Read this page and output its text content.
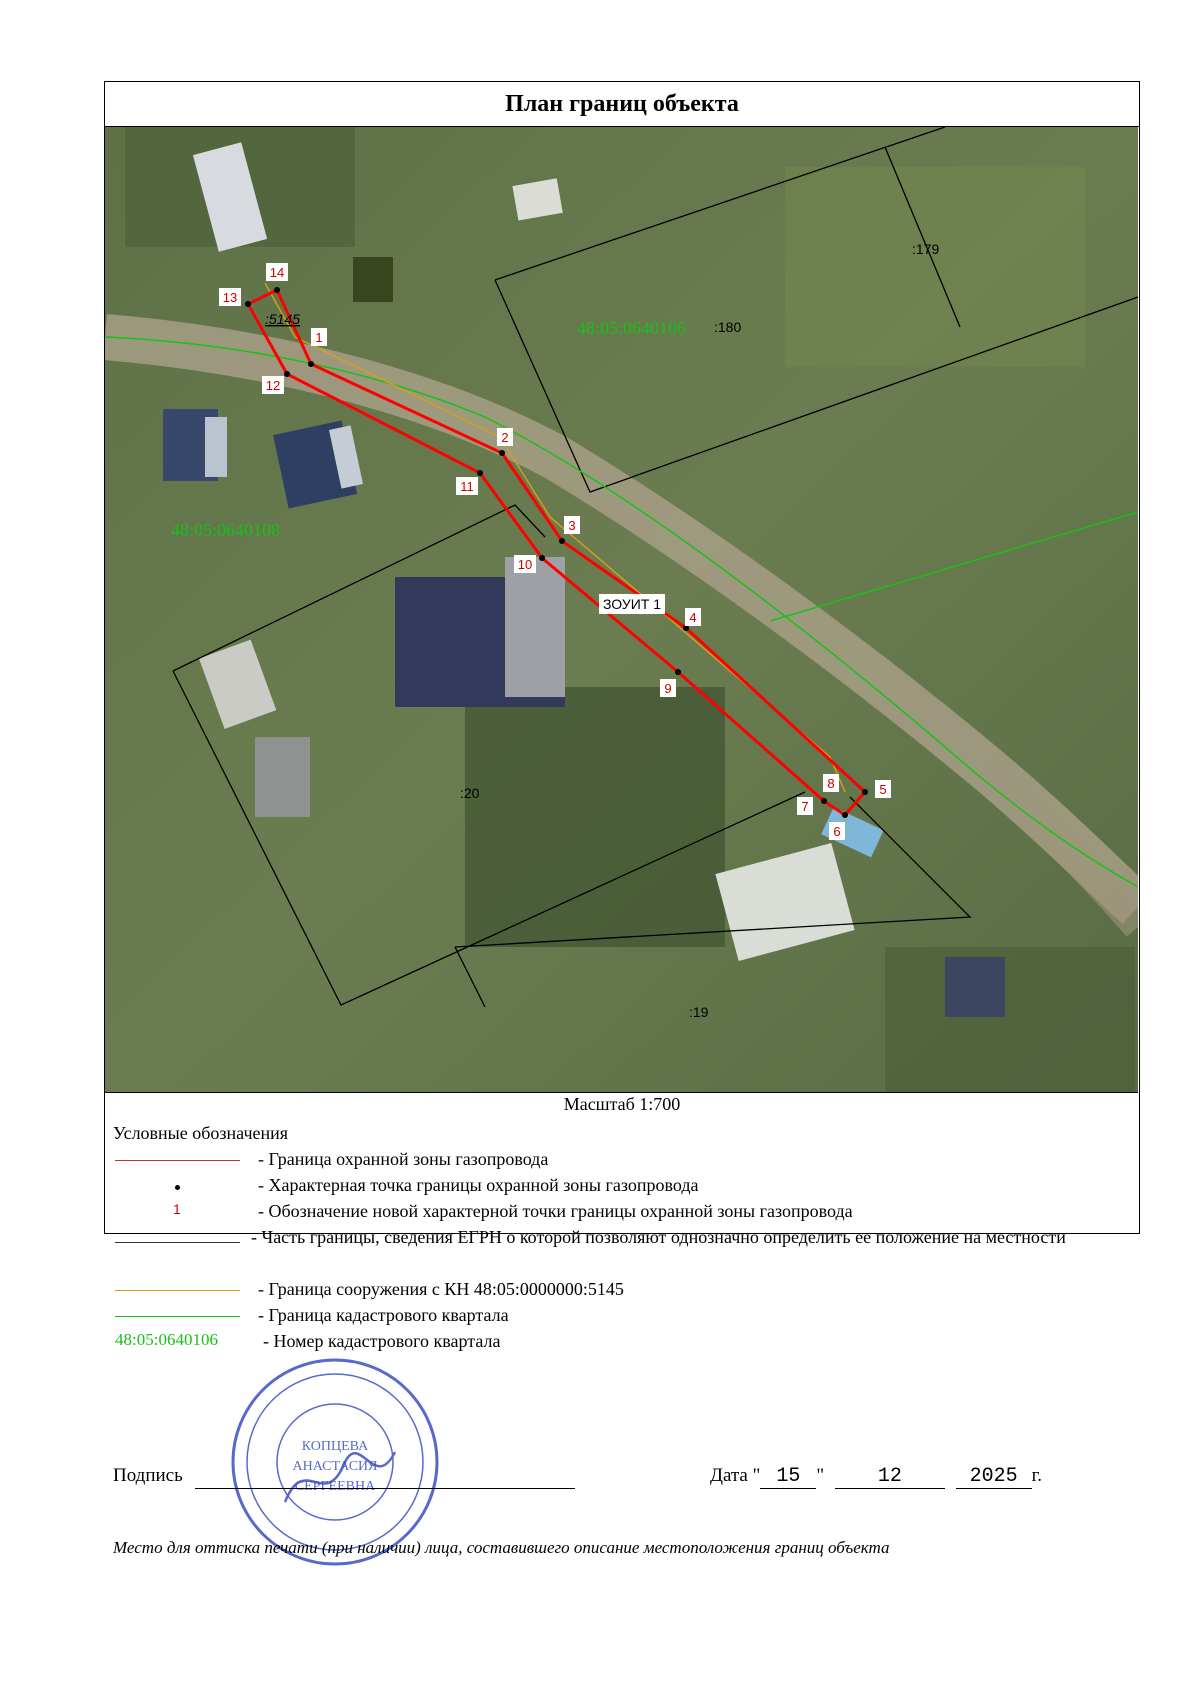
План границ объекта
1
2
3
4
5
6
7
8
9
10
11
12
13
14
:179
:180
:20
:19
:5145	48:05:0640106
48:05:0640108
ЗОУИТ 1
Масштаб 1:700
Условные обозначения
- Граница охранной зоны газопровода
- Характерная точка границы охранной зоны газопровода
1	- Обозначение новой характерной точки границы охранной зоны газопровода
- Часть границы, сведения ЕГРН о которой позволяют однозначно определить ее положение на местности
- Граница сооружения с КН 48:05:0000000:5145
- Граница кадастрового квартала
48:05:0640106	- Номер кадастрового квартала
КОПЦЕВА
АНАСТАСИЯ
СЕРГЕЕВНА
Подпись	Дата " 15 " 12	2025 г.
Место для оттиска печати (при наличии) лица, составившего описание местоположения границ объекта
